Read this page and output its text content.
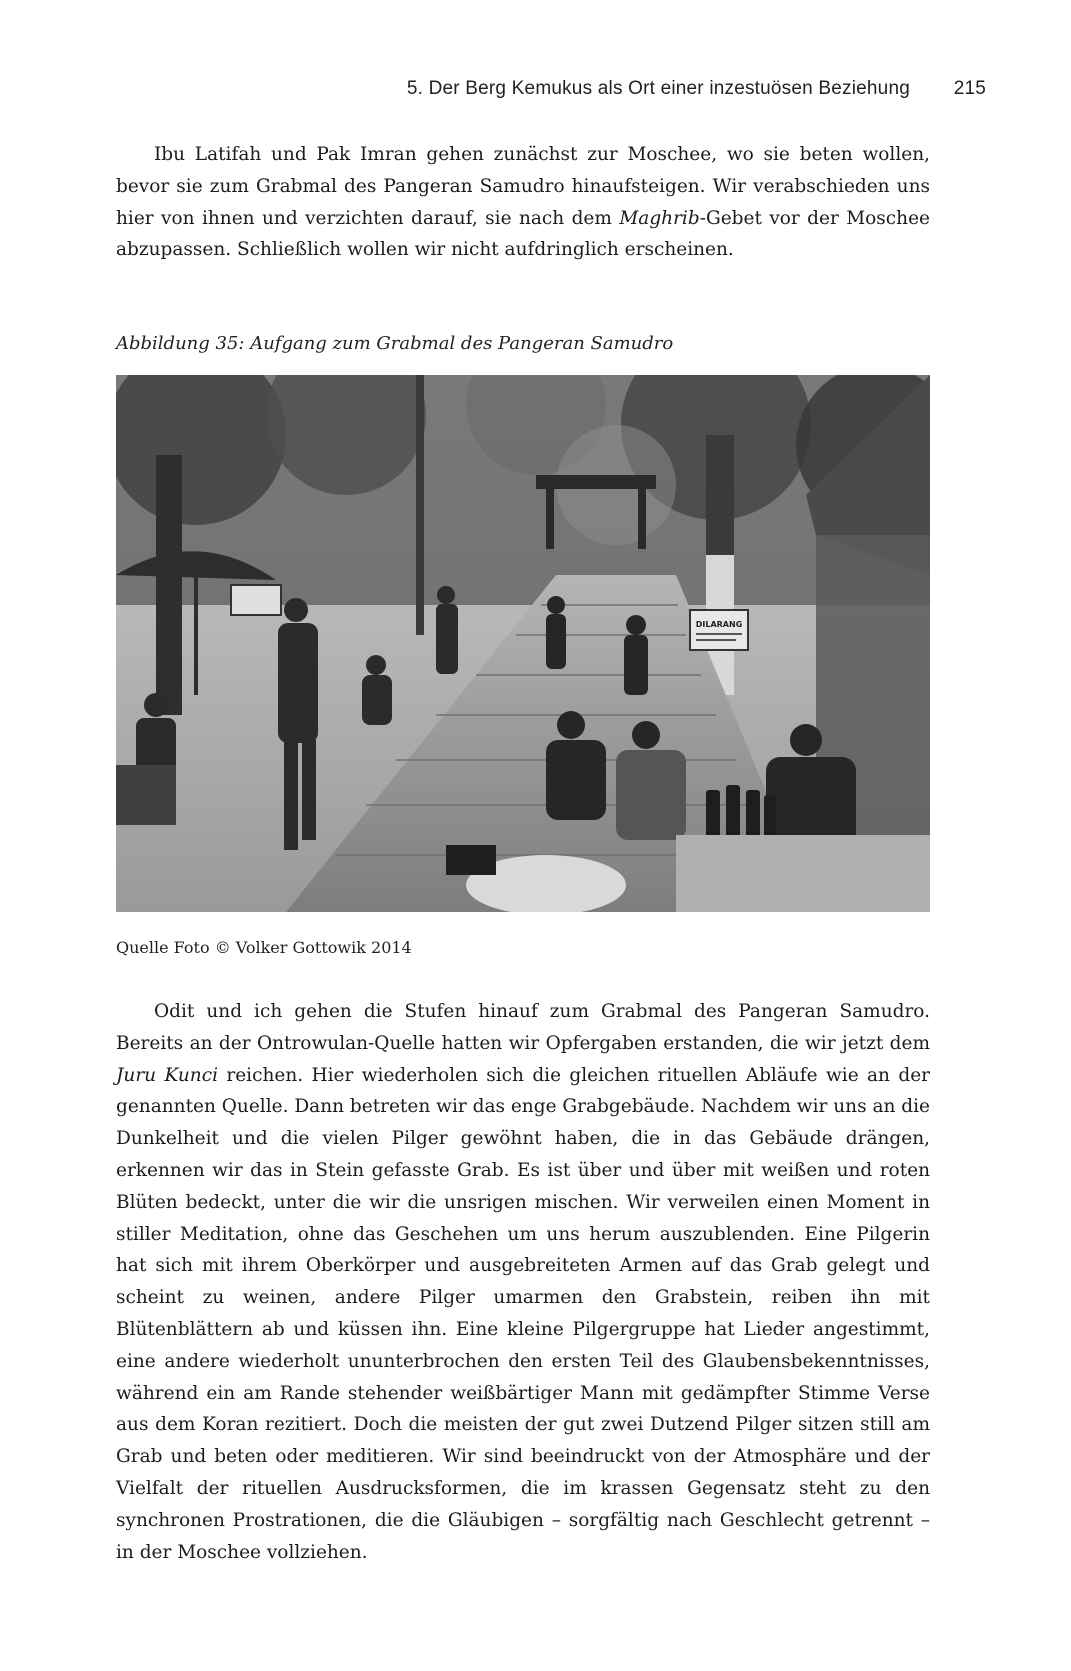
5. Der Berg Kemukus als Ort einer inzestuösen Beziehung 215

Ibu Latifah und Pak Imran gehen zunächst zur Moschee, wo sie beten wollen, bevor sie zum Grabmal des Pangeran Samudro hinaufsteigen. Wir verabschieden uns hier von ihnen und verzichten darauf, sie nach dem Maghrib-Gebet vor der Moschee abzupassen. Schließlich wollen wir nicht aufdringlich erscheinen.

Abbildung 35: Aufgang zum Grabmal des Pangeran Samudro
DILARANG
Quelle Foto © Volker Gottowik 2014

Odit und ich gehen die Stufen hinauf zum Grabmal des Pangeran Samudro. Bereits an der Ontrowulan-Quelle hatten wir Opfergaben erstanden, die wir jetzt dem Juru Kunci reichen. Hier wiederholen sich die gleichen rituellen Abläufe wie an der genannten Quelle. Dann betreten wir das enge Grabgebäude. Nachdem wir uns an die Dunkelheit und die vielen Pilger gewöhnt haben, die in das Gebäude drängen, erkennen wir das in Stein gefasste Grab. Es ist über und über mit weißen und roten Blüten bedeckt, unter die wir die unsrigen mischen. Wir verweilen einen Moment in stiller Meditation, ohne das Geschehen um uns herum auszublenden. Eine Pilgerin hat sich mit ihrem Oberkörper und ausgebreiteten Armen auf das Grab gelegt und scheint zu weinen, andere Pilger umarmen den Grabstein, reiben ihn mit Blütenblättern ab und küssen ihn. Eine kleine Pilgergruppe hat Lieder angestimmt, eine andere wiederholt ununterbrochen den ersten Teil des Glaubensbekenntnisses, während ein am Rande stehender weißbärtiger Mann mit gedämpfter Stimme Verse aus dem Koran rezitiert. Doch die meisten der gut zwei Dutzend Pilger sitzen still am Grab und beten oder meditieren. Wir sind beeindruckt von der Atmosphäre und der Vielfalt der rituellen Ausdrucksformen, die im krassen Gegensatz steht zu den synchronen Prostrationen, die die Gläubigen – sorgfältig nach Geschlecht getrennt – in der Moschee vollziehen.
